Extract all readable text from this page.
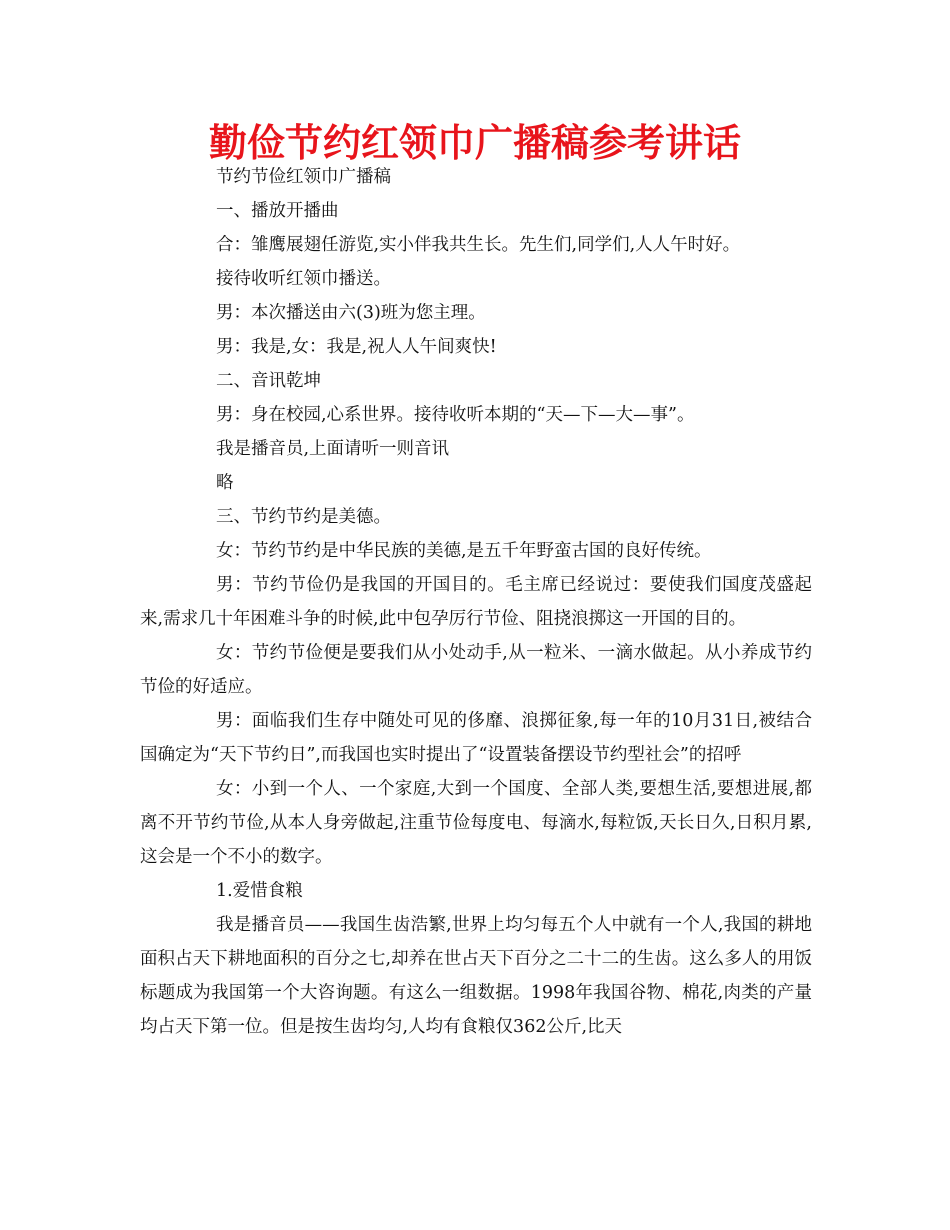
勤俭节约红领巾广播稿参考讲话

节约节俭红领巾广播稿

一、播放开播曲

合：雏鹰展翅任游览,实小伴我共生长。先生们,同学们,人人午时好。

接待收听红领巾播送。

男：本次播送由六(3)班为您主理。

男：我是,女：我是,祝人人午间爽快!

二、音讯乾坤

男：身在校园,心系世界。接待收听本期的“天—下—大—事”。

我是播音员,上面请听一则音讯

略

三、节约节约是美德。

女：节约节约是中华民族的美德,是五千年野蛮古国的良好传统。

男：节约节俭仍是我国的开国目的。毛主席已经说过：要使我们国度茂盛起来,需求几十年困难斗争的时候,此中包孕厉行节俭、阻挠浪掷这一开国的目的。

女：节约节俭便是要我们从小处动手,从一粒米、一滴水做起。从小养成节约节俭的好适应。

男：面临我们生存中随处可见的侈靡、浪掷征象,每一年的10月31日,被结合国确定为“天下节约日”,而我国也实时提出了“设置装备摆设节约型社会”的招呼

女：小到一个人、一个家庭,大到一个国度、全部人类,要想生活,要想进展,都离不开节约节俭,从本人身旁做起,注重节俭每度电、每滴水,每粒饭,天长日久,日积月累,这会是一个不小的数字。

1.爱惜食粮

我是播音员——我国生齿浩繁,世界上均匀每五个人中就有一个人,我国的耕地面积占天下耕地面积的百分之七,却养在世占天下百分之二十二的生齿。这么多人的用饭标题成为我国第一个大咨询题。有这么一组数据。1998年我国谷物、棉花,肉类的产量均占天下第一位。但是按生齿均匀,人均有食粮仅362公斤,比天
